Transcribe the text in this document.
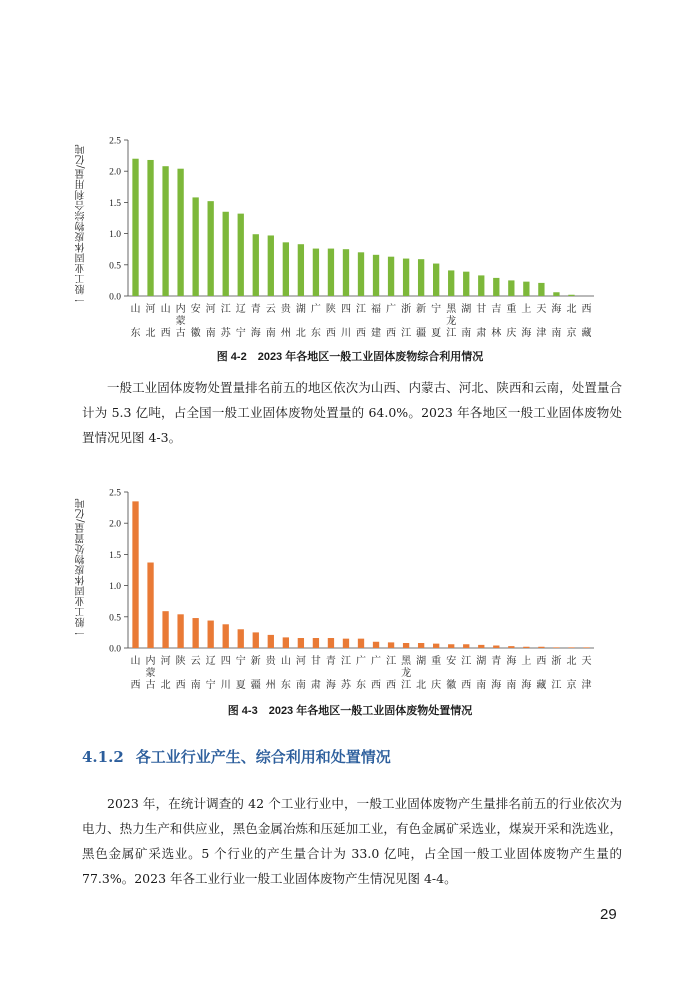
一般工业固体废物综合利用量/亿吨 0.0
0.5
1.0
1.5
2.0
2.5
山东
河北
山西
内蒙古
安徽
河南
江苏
辽宁
青海
云南
贵州
湖北
广东
陕西
四川
江西
福建
广西
浙江
新疆
宁夏
黑龙江
湖南
甘肃
吉林
重庆
上海
天津
海南
北京
西藏
图 4-2　2023 年各地区一般工业固体废物综合利用情况

一般工业固体废物处置量排名前五的地区依次为山西、内蒙古、河北、陕西和云南，处置量合计为 5.3 亿吨，占全国一般工业固体废物处置量的 64.0%。2023 年各地区一般工业固体废物处置情况见图 4-3。

一般工业固体废物处置量/亿吨
0.0
0.5
1.0
1.5
2.0
2.5
山西
内蒙古
河北
陕西
云南
辽宁
四川
宁夏
新疆
贵州
山东
河南
甘肃
青海
江苏
广东
广西
江西
黑龙江
湖北
重庆
安徽
江西
湖南
青海
海南
上海
西藏
浙江
北京
天津
图 4-3　2023 年各地区一般工业固体废物处置情况
4.1.2 各工业行业产生、综合利用和处置情况

2023 年，在统计调查的 42 个工业行业中，一般工业固体废物产生量排名前五的行业依次为电力、热力生产和供应业，黑色金属冶炼和压延加工业，有色金属矿采选业，煤炭开采和洗选业，黑色金属矿采选业。5 个行业的产生量合计为 33.0 亿吨，占全国一般工业固体废物产生量的 77.3%。2023 年各工业行业一般工业固体废物产生情况见图 4-4。

29
